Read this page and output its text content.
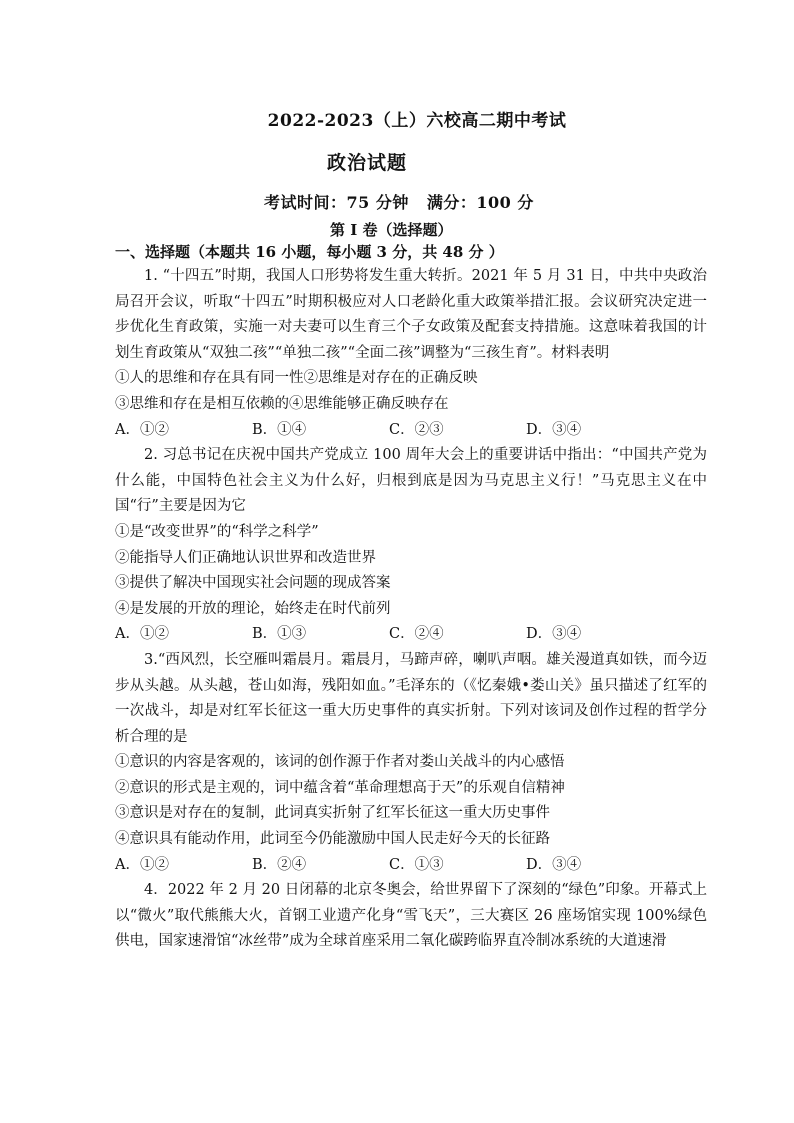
2022-2023（上）六校高二期中考试
政治试题
考试时间：75 分钟 满分：100 分
第 I 卷（选择题）
一、选择题（本题共 16 小题，每小题 3 分，共 48 分 ）

1. “十四五”时期，我国人口形势将发生重大转折。2021 年 5 月 31 日，中共中央政治局召开会议，听取“十四五”时期积极应对人口老龄化重大政策举措汇报。会议研究决定进一步优化生育政策，实施一对夫妻可以生育三个子女政策及配套支持措施。这意味着我国的计划生育政策从“双独二孩”“单独二孩”“全面二孩”调整为“三孩生育”。材料表明

①人的思维和存在具有同一性②思维是对存在的正确反映

③思维和存在是相互依赖的④思维能够正确反映存在

A．①②	B．①④	C．②③	D．③④

2. 习总书记在庆祝中国共产党成立 100 周年大会上的重要讲话中指出：“中国共产党为什么能，中国特色社会主义为什么好，归根到底是因为马克思主义行！”马克思主义在中国“行”主要是因为它

①是“改变世界”的“科学之科学”

②能指导人们正确地认识世界和改造世界

③提供了解决中国现实社会问题的现成答案

④是发展的开放的理论，始终走在时代前列

A．①②	B．①③	C．②④	D．③④

3.“西风烈，长空雁叫霜晨月。霜晨月，马蹄声碎，喇叭声咽。雄关漫道真如铁，而今迈步从头越。从头越，苍山如海，残阳如血。”毛泽东的（《忆秦娥•娄山关》虽只描述了红军的一次战斗，却是对红军长征这一重大历史事件的真实折射。下列对该词及创作过程的哲学分析合理的是

①意识的内容是客观的，该词的创作源于作者对娄山关战斗的内心感悟

②意识的形式是主观的，词中蕴含着“革命理想高于天”的乐观自信精神

③意识是对存在的复制，此词真实折射了红军长征这一重大历史事件

④意识具有能动作用，此词至今仍能激励中国人民走好今天的长征路

A．①②	B．②④	C．①③	D．③④

4．2022 年 2 月 20 日闭幕的北京冬奥会，给世界留下了深刻的“绿色”印象。开幕式上以“微火”取代熊熊大火，首钢工业遗产化身“雪飞天”，三大赛区 26 座场馆实现 100%绿色供电，国家速滑馆“冰丝带”成为全球首座采用二氧化碳跨临界直冷制冰系统的大道速滑
